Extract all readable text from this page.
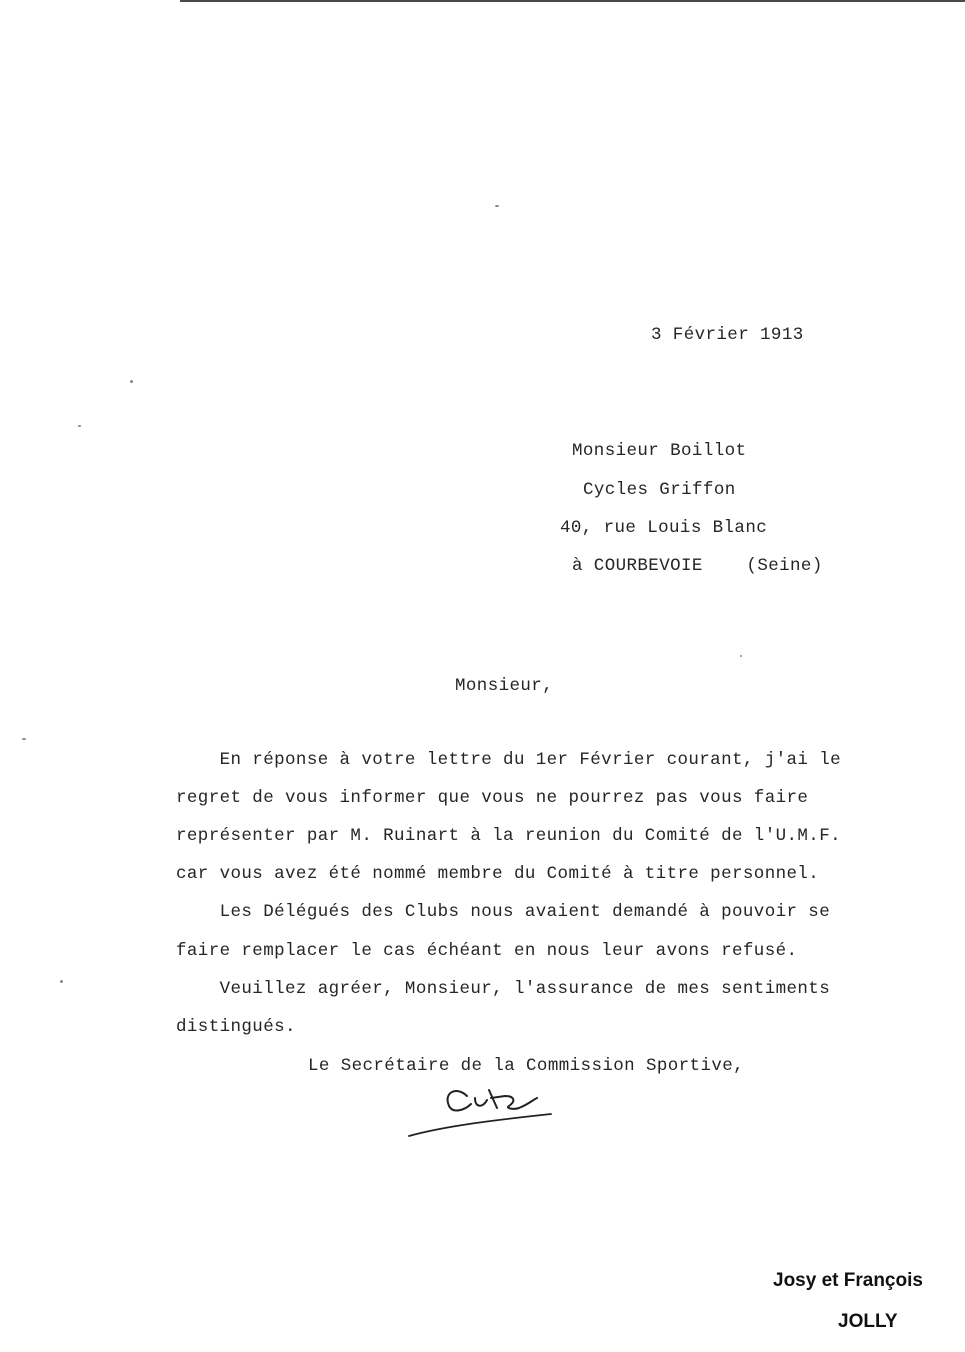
3 Février 1913
Monsieur Boillot
Cycles Griffon
40, rue Louis Blanc
à COURBEVOIE    (Seine)
Monsieur,
En réponse à votre lettre du 1er Février courant, j'ai le
regret de vous informer que vous ne pourrez pas vous faire
représenter par M. Ruinart à la reunion du Comité de l'U.M.F.
car vous avez été nommé membre du Comité à titre personnel.
Les Délégués des Clubs nous avaient demandé à pouvoir se
faire remplacer le cas échéant en nous leur avons refusé.
Veuillez agréer, Monsieur, l'assurance de mes sentiments
distingués.
Le Secrétaire de la Commission Sportive,
Josy et François
JOLLY
